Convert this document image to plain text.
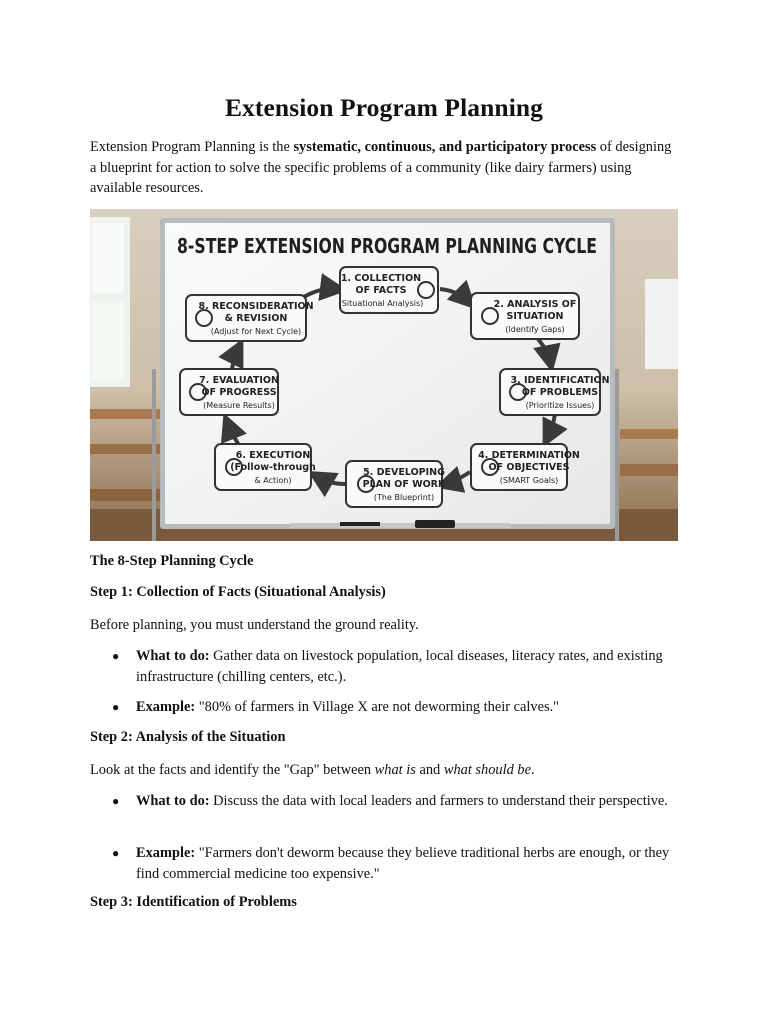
Extension Program Planning

Extension Program Planning is the systematic, continuous, and participatory process of designing a blueprint for action to solve the specific problems of a community (like dairy farmers) using available resources.

8-STEP EXTENSION PROGRAM PLANNING CYCLE
1. COLLECTION
OF FACTS
(Situational Analysis)	2. ANALYSIS OF
SITUATION
(Identify Gaps)
3. IDENTIFICATION
OF PROBLEMS
(Prioritize Issues)
4. DETERMINATION
OF OBJECTIVES
(SMART Goals)
5. DEVELOPING
PLAN OF WORK
(The Blueprint)
6. EXECUTION
(Follow-through
& Action)
7. EVALUATION
OF PROGRESS
(Measure Results)
8. RECONSIDERATION
& REVISION
(Adjust for Next Cycle)
The 8-Step Planning Cycle
Step 1: Collection of Facts (Situational Analysis)

Before planning, you must understand the ground reality.

● What to do: Gather data on livestock population, local diseases, literacy rates, and existing infrastructure (chilling centers, etc.).
● Example: "80% of farmers in Village X are not deworming their calves."
Step 2: Analysis of the Situation

Look at the facts and identify the "Gap" between what is and what should be.

● What to do: Discuss the data with local leaders and farmers to understand their perspective.
● Example: "Farmers don't deworm because they believe traditional herbs are enough, or they find commercial medicine too expensive."
Step 3: Identification of Problems
